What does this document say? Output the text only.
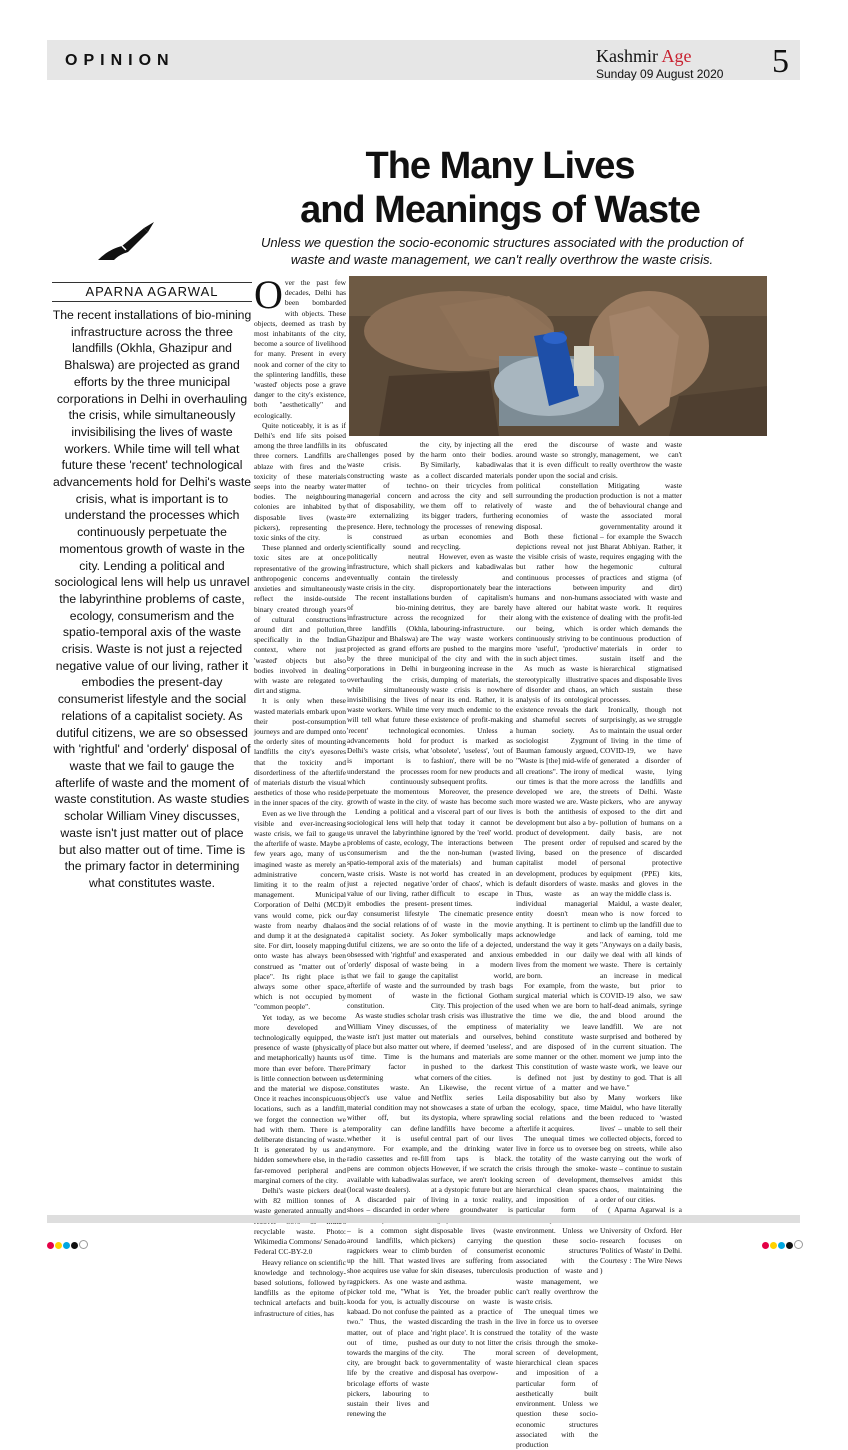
OPINION	Kashmir Age
Sunday 09 August 2020 5
The Many Lives
and Meanings of Waste
Unless we question the socio-economic structures associated with the production of waste and waste management, we can't really overthrow the waste crisis.
APARNA AGARWAL
The recent installations of bio-mining infrastructure across the three landfills (Okhla, Ghazipur and Bhalswa) are projected as grand efforts by the three municipal corporations in Delhi in overhauling the crisis, while simultaneously invisibilising the lives of waste workers. While time will tell what future these 'recent' technological advancements hold for Delhi's waste crisis, what is important is to understand the processes which continuously perpetuate the momentous growth of waste in the city. Lending a political and sociological lens will help us unravel the labyrinthine problems of caste, ecology, consumerism and the spatio-temporal axis of the waste crisis. Waste is not just a rejected negative value of our living, rather it embodies the present-day consumerist lifestyle and the social relations of a capitalist society. As dutiful citizens, we are so obsessed with 'rightful' and 'orderly' disposal of waste that we fail to gauge the afterlife of waste and the moment of waste constitution. As waste studies scholar William Viney discusses, waste isn't just matter out of place but also matter out of time. Time is the primary factor in determining what constitutes waste.
O ver the past few decades, Delhi has been bombarded with objects. These objects, deemed as trash by most inhabitants of the city, become a source of livelihood for many. Present in every nook and corner of the city to the splintering landfills, these 'wasted' objects pose a grave danger to the city's existence, both "aesthetically" and ecologically.

Quite noticeably, it is as if Delhi's end life sits poised among the three landfills in its three corners. Landfills are ablaze with fires and the toxicity of these materials seeps into the nearby water bodies. The neighbouring colonies are inhabited by disposable lives (waste pickers), representing the toxic sinks of the city.

These planned and orderly toxic sites are at once representative of the growing anthropogenic concerns and anxieties and simultaneously reflect the inside-outside binary created through years of cultural constructions around dirt and pollution, specifically in the Indian context, where not just 'wasted' objects but also bodies involved in dealing with waste are relegated to dirt and stigma.

It is only when these wasted materials embark upon their post-consumption journeys and are dumped onto the orderly sites of mounting landfills the city's eyesores that the toxicity and disorderliness of the afterlife of materials disturb the visual aesthetics of those who reside in the inner spaces of the city.

Even as we live through the visible and ever-increasing waste crisis, we fail to gauge the afterlife of waste. Maybe a few years ago, many of us imagined waste as merely an administrative concern, limiting it to the realm of management. Municipal Corporation of Delhi (MCD) vans would come, pick our waste from nearby dhalaos and dump it at the designated site. For dirt, loosely mapping onto waste has always been construed as "matter out of place". Its right place is always some other space, which is not occupied by "common people".

Yet today, as we become more developed and technologically equipped, the presence of waste (physically and metaphorically) haunts us more than ever before. There is little connection between us and the material we dispose. Once it reaches inconspicuous locations, such as a landfill, we forget the connection we had with them. There is a deliberate distancing of waste. It is generated by us and hidden somewhere else, in the far-removed peripheral and marginal corners of the city.

Delhi's waste pickers deal with 82 million tonnes of waste generated annually and recyclable waste. Photo: Wikimedia Commons/ Senado Federal CC-BY-2.0

Heavy reliance on scientific knowledge and technology-based solutions, followed by landfills as the epitome of technical artefacts and built-infrastructure of cities, has

obfuscated the challenges posed by the waste crisis. By constructing waste as a matter of techno-managerial concern and that of disposability, we are externalizing its presence. Here, technology is construed as scientifically sound and politically neutral infrastructure, which shall eventually contain the waste crisis in the city.

The recent installations of bio-mining infrastructure across the three landfills (Okhla, Ghazipur and Bhalswa) are projected as grand efforts by the three municipal corporations in Delhi in overhauling the crisis, while simultaneously invisibilising the lives of waste workers. While time will tell what future these 'recent' technological advancements hold for Delhi's waste crisis, what is important is to understand the processes which continuously perpetuate the momentous growth of waste in the city.

Lending a political and sociological lens will help us unravel the labyrinthine problems of caste, ecology, consumerism and the spatio-temporal axis of the waste crisis. Waste is not just a rejected negative value of our living, rather it embodies the present-day consumerist lifestyle and the social relations of a capitalist society. As dutiful citizens, we are so obsessed with 'rightful' and 'orderly' disposal of waste that we fail to gauge the afterlife of waste and the moment of waste constitution.

As waste studies scholar William Viney discusses, waste isn't just matter out of place but also matter out of time. Time is the primary factor in determining what constitutes waste. An object's use value and material condition may not wither off, but its temporality can define whether it is useful anymore. For example, radio cassettes and re-fill pens are common objects available with kabadiwalas (local waste dealers).

A discarded pair of shoes – discarded in order – is a common sight around landfills, which ragpickers wear to climb up the hill. That wasted shoe acquires use value for ragpickers. As one waste picker told me, "What is kooda for you, is actually kabaad. Do not confuse the two." Thus, the wasted matter, out of place and out of time, pushed towards the margins of the city, are brought back to life by the creative and bricolage efforts of waste pickers, labouring to sustain their lives and renewing the

city, by injecting all the harm onto their bodies. Similarly, kabadiwalas collect discarded materials on their tricycles from across the city and sell them off to relatively bigger traders, furthering the processes of renewing urban economies and recycling.

However, even as waste pickers and kabadiwalas tirelessly and disproportionately bear the burden of capitalism's detritus, they are barely recognized for their labouring-infrastructure. The way waste workers are pushed to the margins of the city and with the burgeoning increase in the dumping of materials, the waste crisis is nowhere near its end. Rather, it is very much endemic to the existence of profit-making economies. Unless a product is marked as 'obsolete', 'useless', 'out of fashion', there will be no room for new products and subsequent profits.

Moreover, the presence of waste has become such a visceral part of our lives that today it cannot be ignored by the 'reel' world. The interactions between the non-human (wasted materials) and human world has created in an 'order of chaos', which is difficult to escape in present times.

The cinematic presence of waste in the movie Joker symbolically maps onto the life of a dejected, exasperated and anxious being in a modern capitalist world, surrounded by trash bags in the fictional Gotham City. This projection of the trash crisis was illustrative of the emptiness of materials and ourselves, where, if deemed 'useless', humans and materials are pushed to the darkest corners of the cities.

Likewise, the recent Netflix series Leila showcases a state of urban dystopia, where sprawling landfills have become a central part of our lives and the drinking water from taps is black. However, if we scratch the surface, we aren't looking at a dystopic future but are living in a toxic reality, where groundwater is disposable lives (waste pickers) carrying the burden of consumerist lives are suffering from skin diseases, tuberculosis and asthma.

Yet, the broader public discourse on waste is painted as a practice of discarding the trash in the 'right place'. It is construed as our duty to not litter the city. The moral governmentality of waste disposal has overpow-

ered the discourse around waste so strongly, that it is even difficult to ponder upon the social and political constellation surrounding the production of waste and the economies of waste disposal.

Both these fictional depictions reveal not just the visible crisis of waste, but rather how the continuous processes of interactions between humans and non-humans have altered our habitat along with the existence of our being, which is continuously striving to be more 'useful', 'productive' in such abject times.

As much as waste is stereotypically illustrative of disorder and chaos, an analysis of its ontological existence reveals the dark and shameful secrets of human society. As sociologist Zygmunt Bauman famously argued, "Waste is [the] mid-wife of all creations". The irony of our times is that the more developed we are, the more wasted we are. Waste is both the antithesis of development but also a by-product of development.

The present order of living, based on the capitalist model of development, produces by default disorders of waste. Thus, waste as an individual managerial entity doesn't mean anything. It is pertinent to acknowledge and understand the way it gets embedded in our daily lives from the moment we are born.

For example, from the surgical material which is used when we are born to the time we die, the materiality we leave behind constitute waste and are disposed of in some manner or the other. This constitution of waste is defined not just by virtue of a matter and disposability but also by the ecology, space, time social relations and the afterlife it acquires.

The unequal times we live in force us to oversee the totality of the waste crisis through the smoke-screen of development, hierarchical clean spaces and imposition of a particular form of environment. Unless we question these socio-economic structures associated with the production of waste and waste management, we can't really overthrow the waste crisis.

The unequal times we live in force us to oversee the totality of the waste crisis through the smoke-screen of development, hierarchical clean spaces and imposition of a particular form of aesthetically built environment. Unless we question these socio-economic structures associated with the production

of waste and waste management, we can't really overthrow the waste crisis.

Mitigating waste production is not a matter of behavioural change and the associated moral governmentality around it – for example the Swacch Bharat Abhiyan. Rather, it requires engaging with the hegemonic cultural practices and stigma (of impurity and dirt) associated with waste and waste work. It requires dealing with the profit-led order which demands the continuous production of materials in order to sustain itself and the hierarchical stigmatised spaces and disposable lives which sustain these processes.

Ironically, though not surprisingly, as we struggle to maintain the usual order of living in the time of COVID-19, we have generated a disorder of medical waste, lying across the landfills and streets of Delhi. Waste pickers, who are anyway exposed to the dirt and pollution of humans on a daily basis, are not repulsed and scared by the presence of discarded personal protective equipment (PPE) kits, masks and gloves in the way the middle class is.

Maidul, a waste dealer, who is now forced to climb up the landfill due to lack of earning, told me "Anyways on a daily basis, we deal with all kinds of waste. There is certainly an increase in medical waste, but prior to COVID-19 also, we saw half-dead animals, syringe and blood around the landfill. We are not surprised and bothered by the current situation. The moment we jump into the waste work, we leave our destiny to god. That is all we have."

Many workers like Maidul, who have literally been reduced to 'wasted lives' – unable to sell their collected objects, forced to beg on streets, while also carrying out the work of waste – continue to sustain themselves amidst this chaos, maintaining the order of our cities.

( Aparna Agarwal is a University of Oxford. Her research focuses on 'Politics of Waste' in Delhi. Courtesy : The Wire News )
